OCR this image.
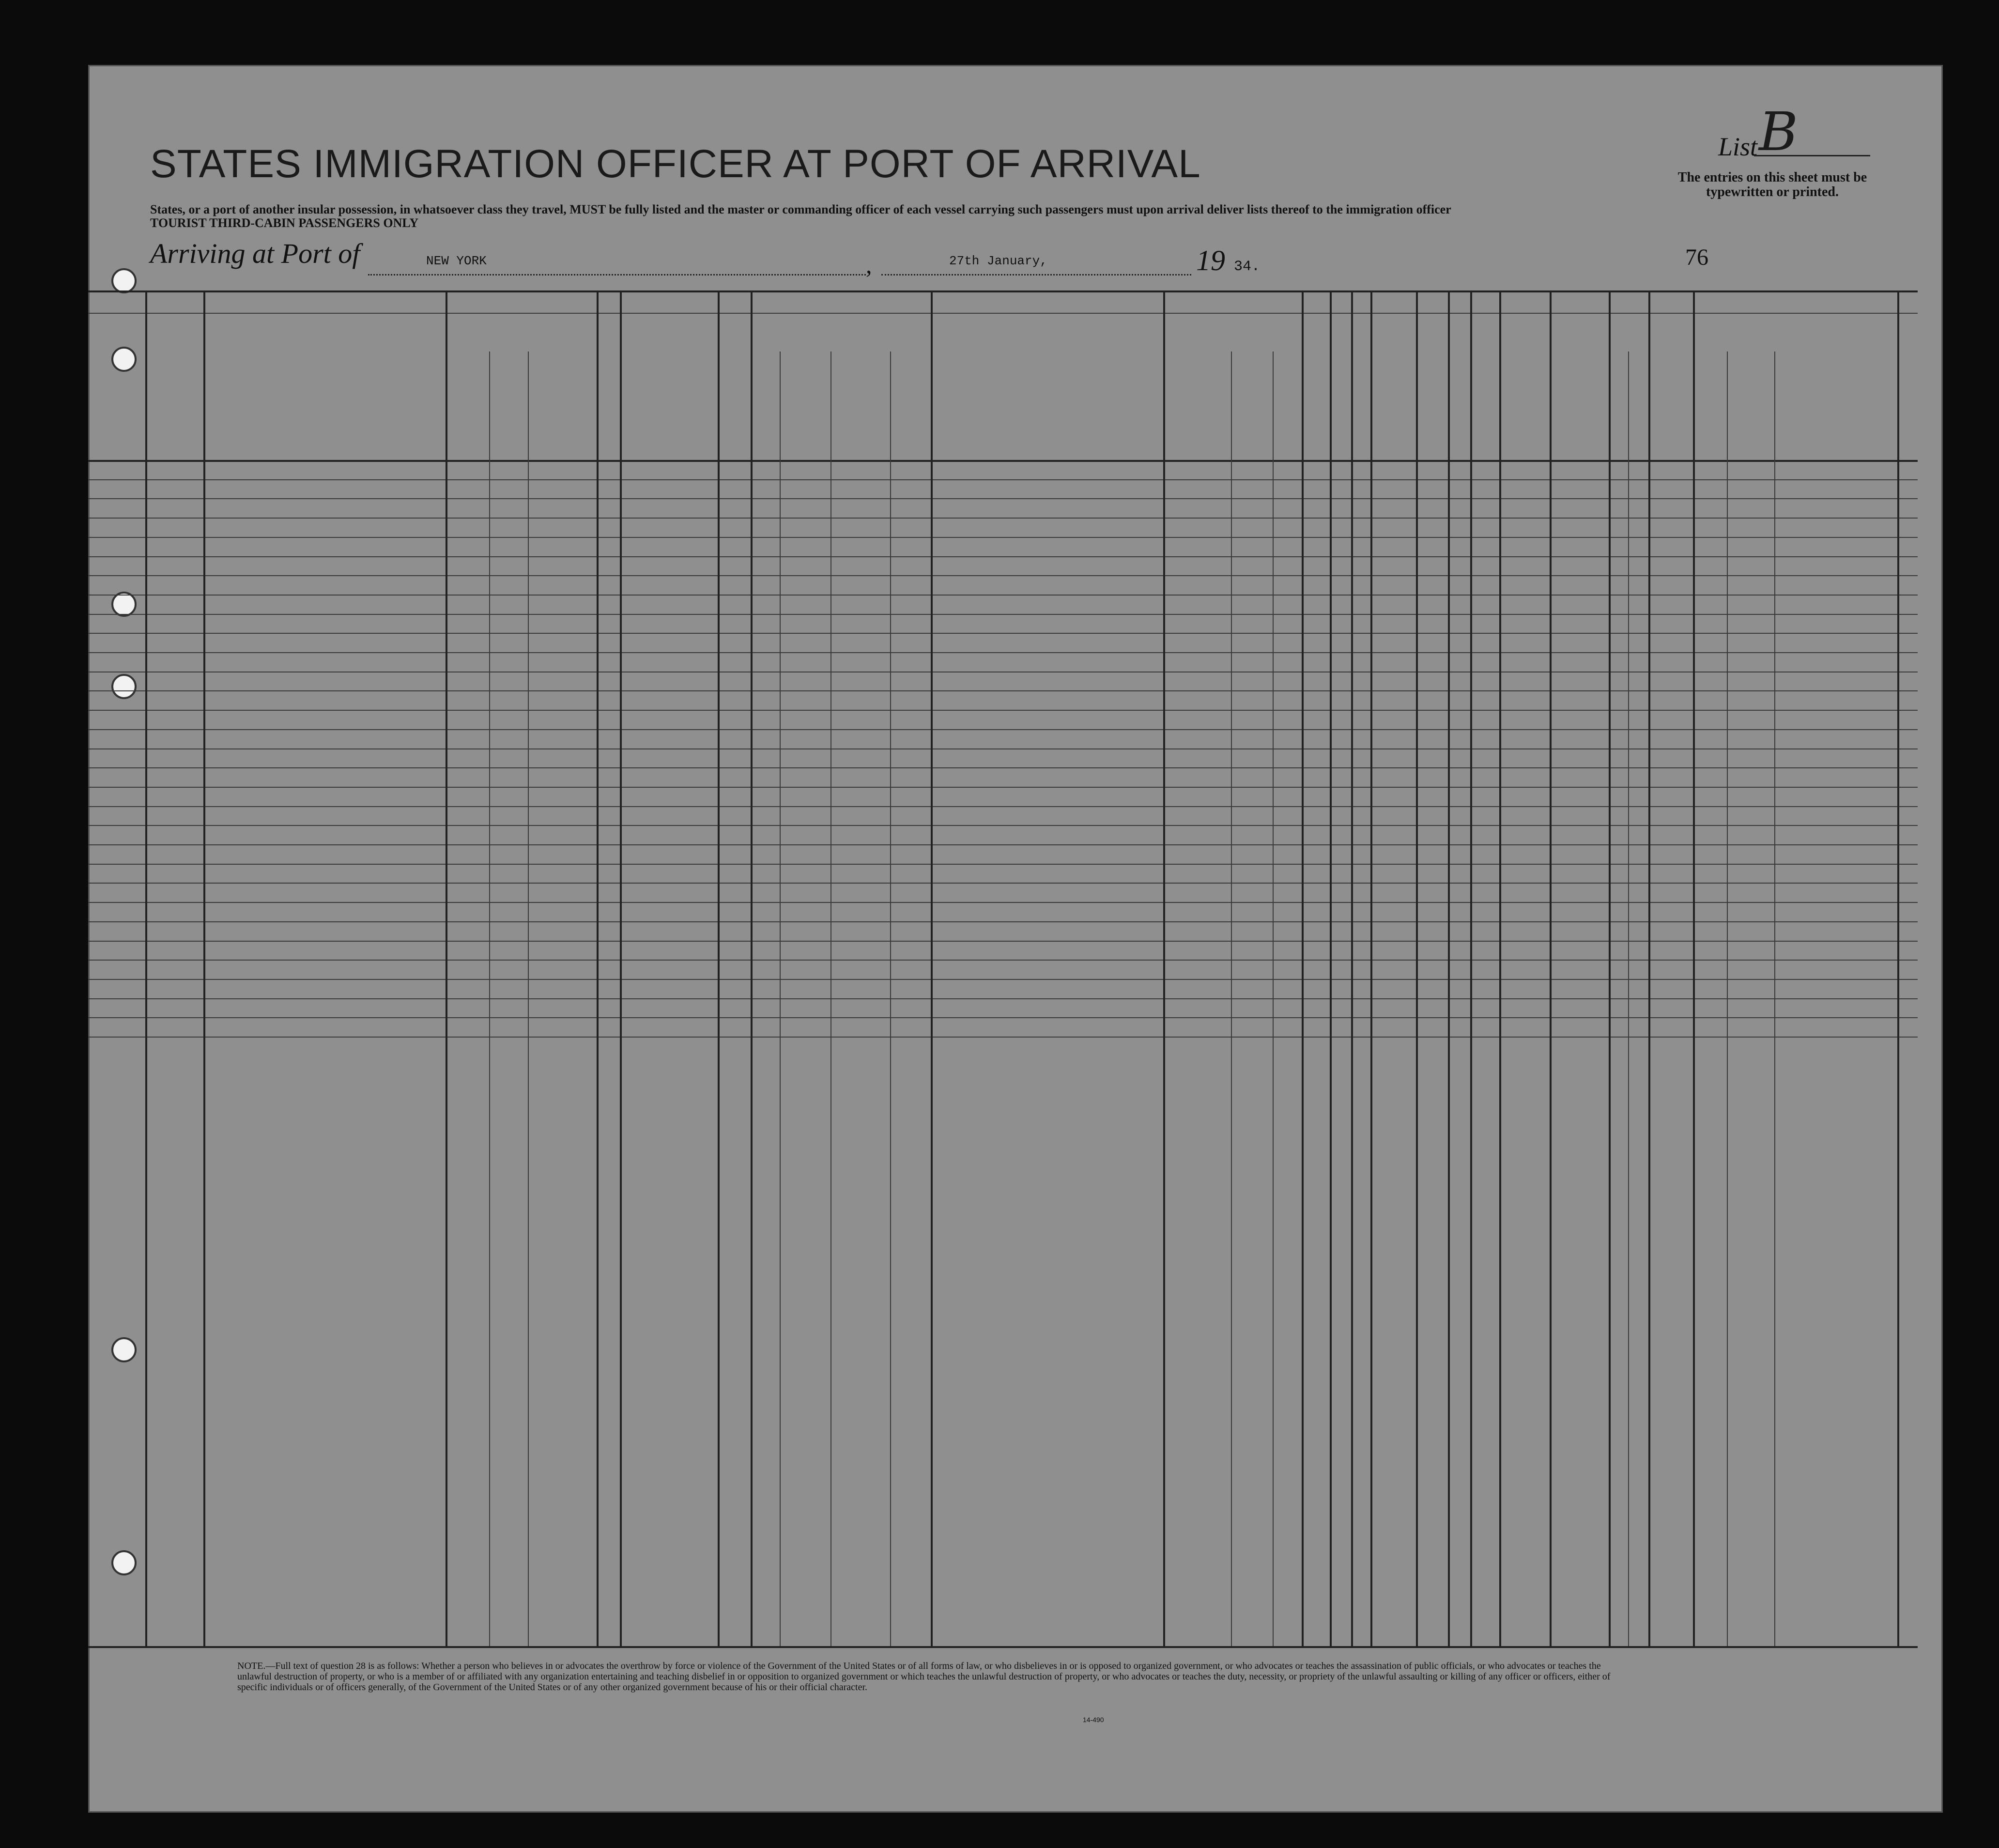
STATES IMMIGRATION OFFICER AT PORT OF ARRIVAL
States, or a port of another insular possession, in whatsoever class they travel, MUST be fully listed and the master or commanding officer of each vessel carrying such passengers must upon arrival deliver lists thereof to the immigration officer
TOURIST THIRD-CABIN PASSENGERS ONLY
List B
The entries on this sheet must be typewritten or printed.
Arriving at Port of	NEW YORK	,	27th January,	19 34.	76
NOTE.—Full text of question 28 is as follows: Whether a person who believes in or advocates the overthrow by force or violence of the Government of the United States or of all forms of law, or who disbelieves in or is opposed to organized government, or who advocates or teaches the assassination of public officials, or who advocates or teaches the unlawful destruction of property, or who is a member of or affiliated with any organization entertaining and teaching disbelief in or opposition to organized government or which teaches the unlawful destruction of property, or who advocates or teaches the duty, necessity, or propriety of the unlawful assaulting or killing of any officer or officers, either of specific individuals or of officers generally, of the Government of the United States or of any other organized government because of his or their official character.
14-490
